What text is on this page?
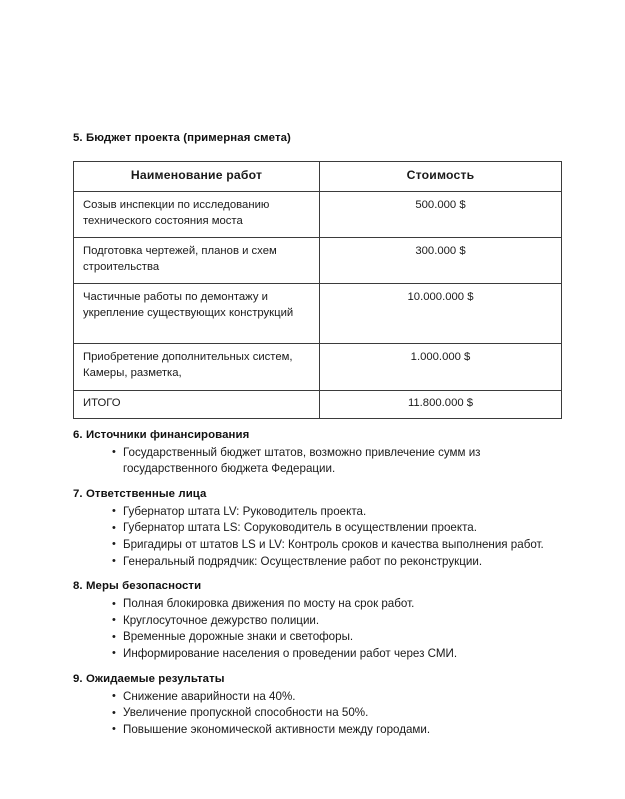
5. Бюджет проекта (примерная смета)
Наименование работ	Стоимость
Созыв инспекции по исследованию технического состояния моста	500.000 $
Подготовка чертежей, планов и схем строительства	300.000 $
Частичные работы по демонтажу и укрепление существующих конструкций	10.000.000 $
Приобретение дополнительных систем, Камеры, разметка,	1.000.000 $
ИТОГО	11.800.000 $
6. Источники финансирования
• Государственный бюджет штатов, возможно привлечение сумм из государственного бюджета Федерации.
7. Ответственные лица
• Губернатор штата LV: Руководитель проекта.
• Губернатор штата LS: Соруководитель в осуществлении проекта.
• Бригадиры от штатов LS и LV: Контроль сроков и качества выполнения работ.
• Генеральный подрядчик: Осуществление работ по реконструкции.
8. Меры безопасности
• Полная блокировка движения по мосту на срок работ.
• Круглосуточное дежурство полиции.
• Временные дорожные знаки и светофоры.
• Информирование населения о проведении работ через СМИ.
9. Ожидаемые результаты
• Снижение аварийности на 40%.
• Увеличение пропускной способности на 50%.
• Повышение экономической активности между городами.
